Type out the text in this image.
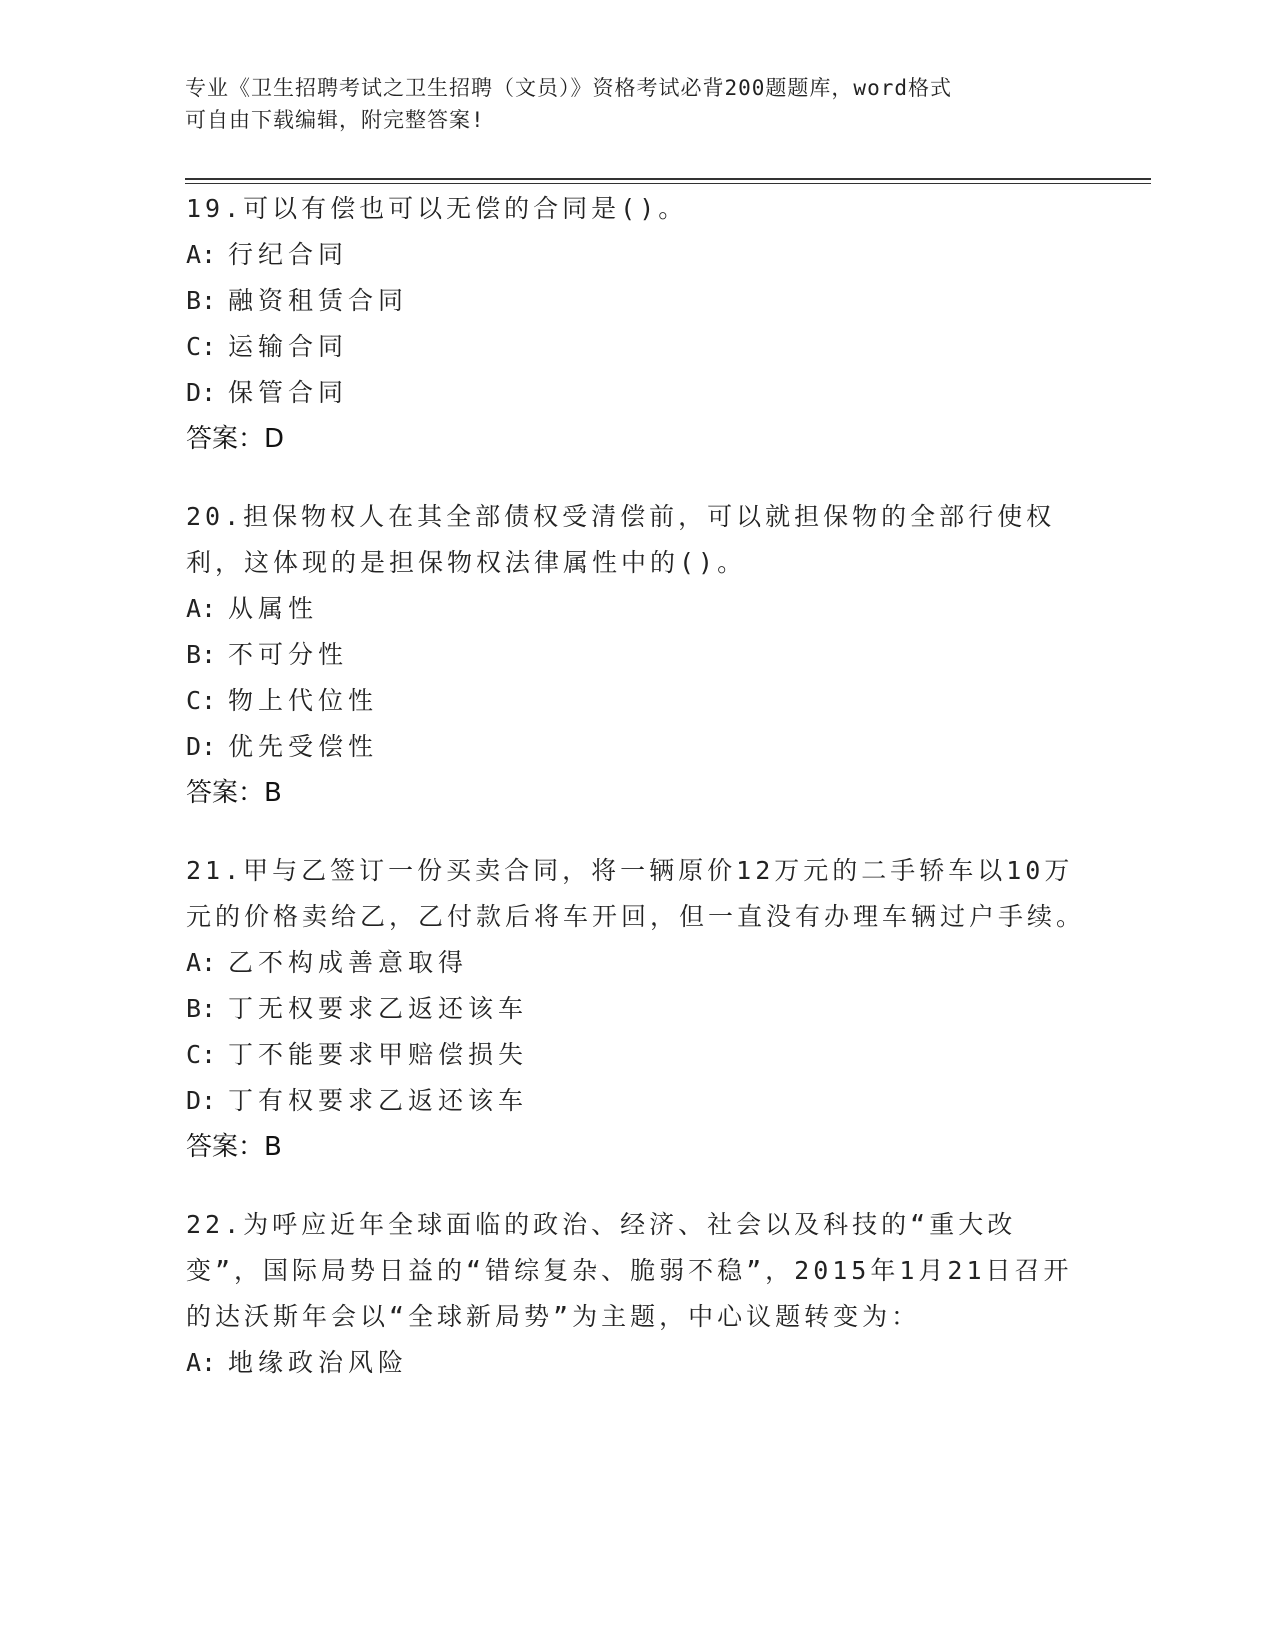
专业《卫生招聘考试之卫生招聘（文员）》资格考试必背200题题库，word格式
可自由下载编辑，附完整答案!
19.可以有偿也可以无偿的合同是()。
A: 行纪合同
B: 融资租赁合同
C: 运输合同
D: 保管合同
答案：D
20.担保物权人在其全部债权受清偿前，可以就担保物的全部行使权利，这体现的是担保物权法律属性中的()。
A: 从属性
B: 不可分性
C: 物上代位性
D: 优先受偿性
答案：B
21.甲与乙签订一份买卖合同，将一辆原价12万元的二手轿车以10万元的价格卖给乙，乙付款后将车开回，但一直没有办理车辆过户手续。
A: 乙不构成善意取得
B: 丁无权要求乙返还该车
C: 丁不能要求甲赔偿损失
D: 丁有权要求乙返还该车
答案：B
22.为呼应近年全球面临的政治、经济、社会以及科技的“重大改变”，国际局势日益的“错综复杂、脆弱不稳”，2015年1月21日召开的达沃斯年会以“全球新局势”为主题，中心议题转变为：
A: 地缘政治风险
